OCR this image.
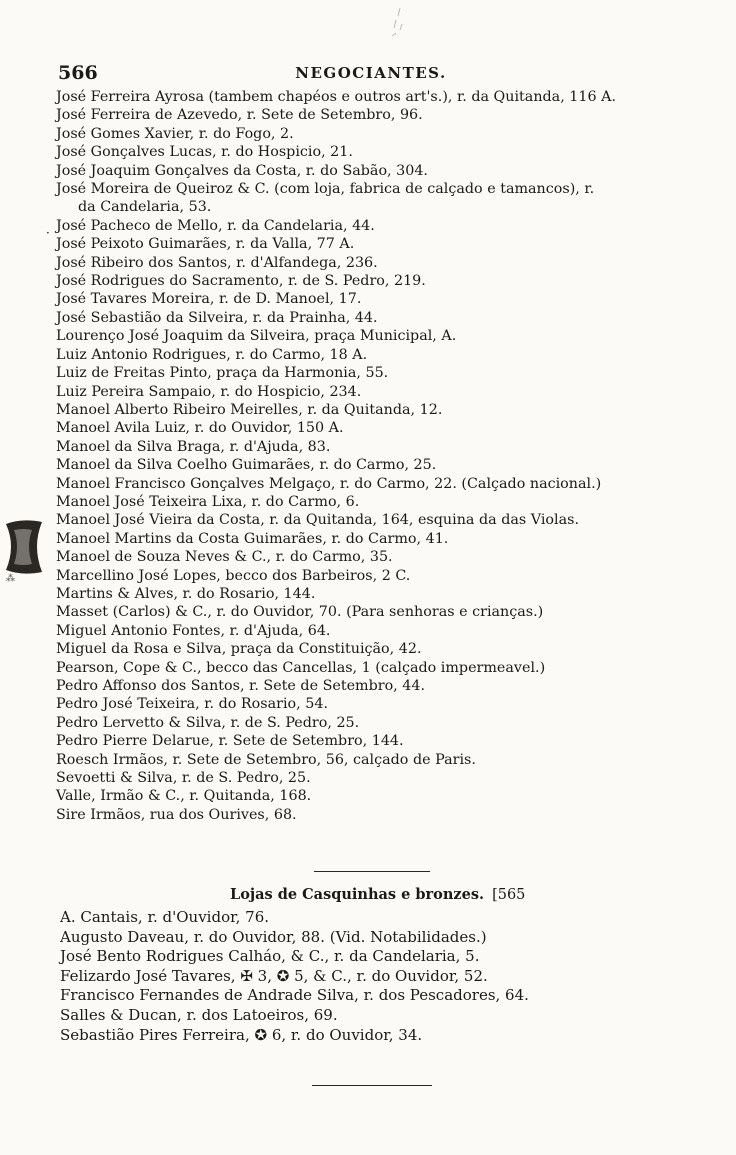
566	NEGOCIANTES.
·
José Ferreira Ayrosa (tambem chapéos e outros art's.), r. da Quitanda, 116 A.
José Ferreira de Azevedo, r. Sete de Setembro, 96.
José Gomes Xavier, r. do Fogo, 2.
José Gonçalves Lucas, r. do Hospicio, 21.
José Joaquim Gonçalves da Costa, r. do Sabão, 304.
José Moreira de Queiroz & C. (com loja, fabrica de calçado e tamancos), r.
da Candelaria, 53.
José Pacheco de Mello, r. da Candelaria, 44.
José Peixoto Guimarães, r. da Valla, 77 A.
José Ribeiro dos Santos, r. d'Alfandega, 236.
José Rodrigues do Sacramento, r. de S. Pedro, 219.
José Tavares Moreira, r. de D. Manoel, 17.
José Sebastião da Silveira, r. da Prainha, 44.
Lourenço José Joaquim da Silveira, praça Municipal, A.
Luiz Antonio Rodrigues, r. do Carmo, 18 A.
Luiz de Freitas Pinto, praça da Harmonia, 55.
Luiz Pereira Sampaio, r. do Hospicio, 234.
Manoel Alberto Ribeiro Meirelles, r. da Quitanda, 12.
Manoel Avila Luiz, r. do Ouvidor, 150 A.
Manoel da Silva Braga, r. d'Ajuda, 83.
Manoel da Silva Coelho Guimarães, r. do Carmo, 25.
Manoel Francisco Gonçalves Melgaço, r. do Carmo, 22. (Calçado nacional.)
Manoel José Teixeira Lixa, r. do Carmo, 6.
Manoel José Vieira da Costa, r. da Quitanda, 164, esquina da das Violas.
Manoel Martins da Costa Guimarães, r. do Carmo, 41.
Manoel de Souza Neves & C., r. do Carmo, 35.
Marcellino José Lopes, becco dos Barbeiros, 2 C.
Martins & Alves, r. do Rosario, 144.
Masset (Carlos) & C., r. do Ouvidor, 70. (Para senhoras e crianças.)
Miguel Antonio Fontes, r. d'Ajuda, 64.
Miguel da Rosa e Silva, praça da Constituição, 42.
Pearson, Cope & C., becco das Cancellas, 1 (calçado impermeavel.)
Pedro Affonso dos Santos, r. Sete de Setembro, 44.
Pedro José Teixeira, r. do Rosario, 54.
Pedro Lervetto & Silva, r. de S. Pedro, 25.
Pedro Pierre Delarue, r. Sete de Setembro, 144.
Roesch Irmãos, r. Sete de Setembro, 56, calçado de Paris.
Sevoetti & Silva, r. de S. Pedro, 25.
Valle, Irmão & C., r. Quitanda, 168.
Sire Irmãos, rua dos Ourives, 68.
⁂
Lojas de Casquinhas e bronzes. [565
A. Cantais, r. d'Ouvidor, 76.
Augusto Daveau, r. do Ouvidor, 88. (Vid. Notabilidades.)
José Bento Rodrigues Calháo, & C., r. da Candelaria, 5.
Felizardo José Tavares, ✠ 3, ✪ 5, & C., r. do Ouvidor, 52.
Francisco Fernandes de Andrade Silva, r. dos Pescadores, 64.
Salles & Ducan, r. dos Latoeiros, 69.
Sebastião Pires Ferreira, ✪ 6, r. do Ouvidor, 34.
